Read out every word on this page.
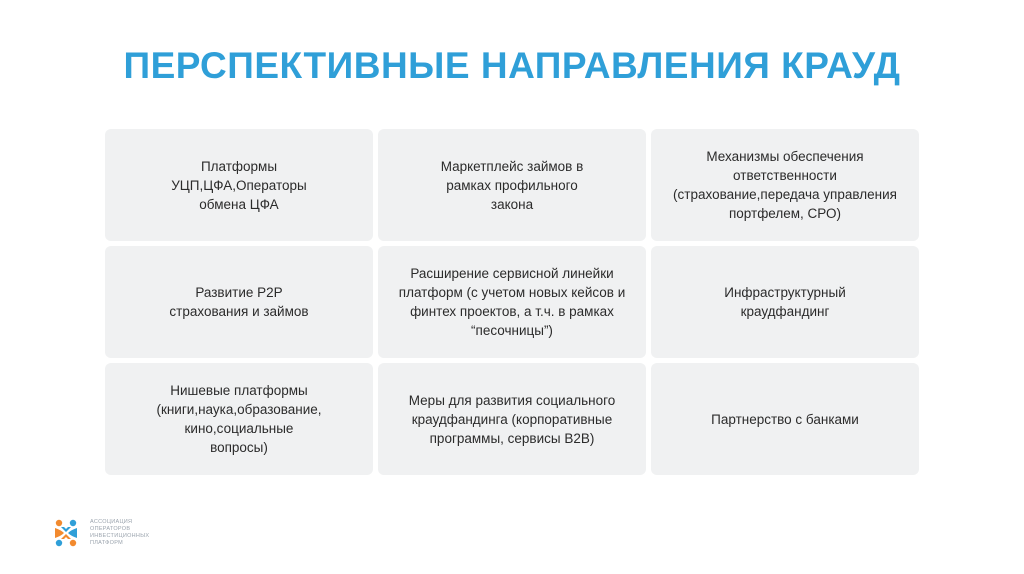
ПЕРСПЕКТИВНЫЕ НАПРАВЛЕНИЯ КРАУД
Платформы
УЦП,ЦФА,Операторы
обмена ЦФА
Маркетплейс займов в
рамках профильного
закона
Механизмы обеспечения
ответственности
(страхование,передача управления
портфелем, СРО)
Развитие P2P
страхования и займов
Расширение сервисной линейки
платформ (с учетом новых кейсов и
финтех проектов, а т.ч. в рамках
“песочницы”)
Инфраструктурный
краудфандинг
Нишевые платформы
(книги,наука,образование,
кино,социальные
вопросы)
Меры для развития социального
краудфандинга (корпоративные
программы, сервисы B2B)
Партнерство с банками
АССОЦИАЦИЯ
ОПЕРАТОРОВ
ИНВЕСТИЦИОННЫХ
ПЛАТФОРМ
